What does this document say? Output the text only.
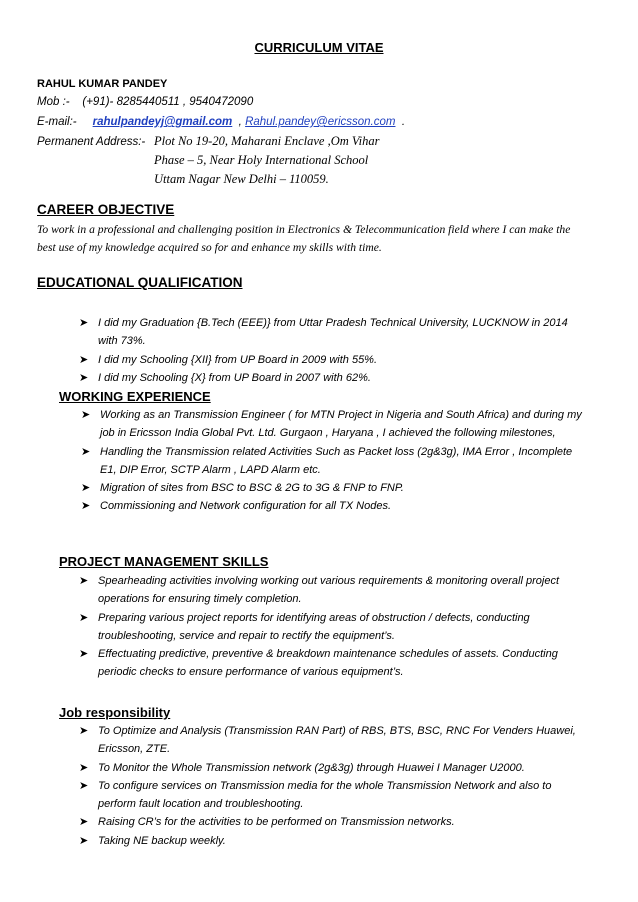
CURRICULUM VITAE
RAHUL KUMAR PANDEY
Mob :- (+91)- 8285440511 , 9540472090
E-mail:- rahulpandeyj@gmail.com , Rahul.pandey@ericsson.com .
Permanent Address:- Plot No 19-20, Maharani Enclave ,Om Vihar
Phase – 5, Near Holy International School
Uttam Nagar New Delhi – 110059.
CAREER OBJECTIVE
To work in a professional and challenging position in Electronics & Telecommunication field where I can make the
best use of my knowledge acquired so for and enhance my skills with time.
EDUCATIONAL QUALIFICATION
➤ I did my Graduation {B.Tech (EEE)} from Uttar Pradesh Technical University, LUCKNOW in 2014 with 73%.
➤ I did my Schooling {XII} from UP Board in 2009 with 55%.
➤ I did my Schooling {X} from UP Board in 2007 with 62%.
WORKING EXPERIENCE
➤ Working as an Transmission Engineer ( for MTN Project in Nigeria and South Africa) and during my job in Ericsson India Global Pvt. Ltd. Gurgaon , Haryana , I achieved the following milestones,
➤ Handling the Transmission related Activities Such as Packet loss (2g&3g), IMA Error , Incomplete E1, DIP Error, SCTP Alarm , LAPD Alarm etc.
➤ Migration of sites from BSC to BSC & 2G to 3G & FNP to FNP.
➤ Commissioning and Network configuration for all TX Nodes.
PROJECT MANAGEMENT SKILLS
➤ Spearheading activities involving working out various requirements & monitoring overall project operations for ensuring timely completion.
➤ Preparing various project reports for identifying areas of obstruction / defects, conducting troubleshooting, service and repair to rectify the equipment’s.
➤ Effectuating predictive, preventive & breakdown maintenance schedules of assets. Conducting periodic checks to ensure performance of various equipment’s.
Job responsibility
➤ To Optimize and Analysis (Transmission RAN Part) of RBS, BTS, BSC, RNC For Venders Huawei, Ericsson, ZTE.
➤ To Monitor the Whole Transmission network (2g&3g) through Huawei I Manager U2000.
➤ To configure services on Transmission media for the whole Transmission Network and also to perform fault location and troubleshooting.
➤ Raising CR’s for the activities to be performed on Transmission networks.
➤ Taking NE backup weekly.
